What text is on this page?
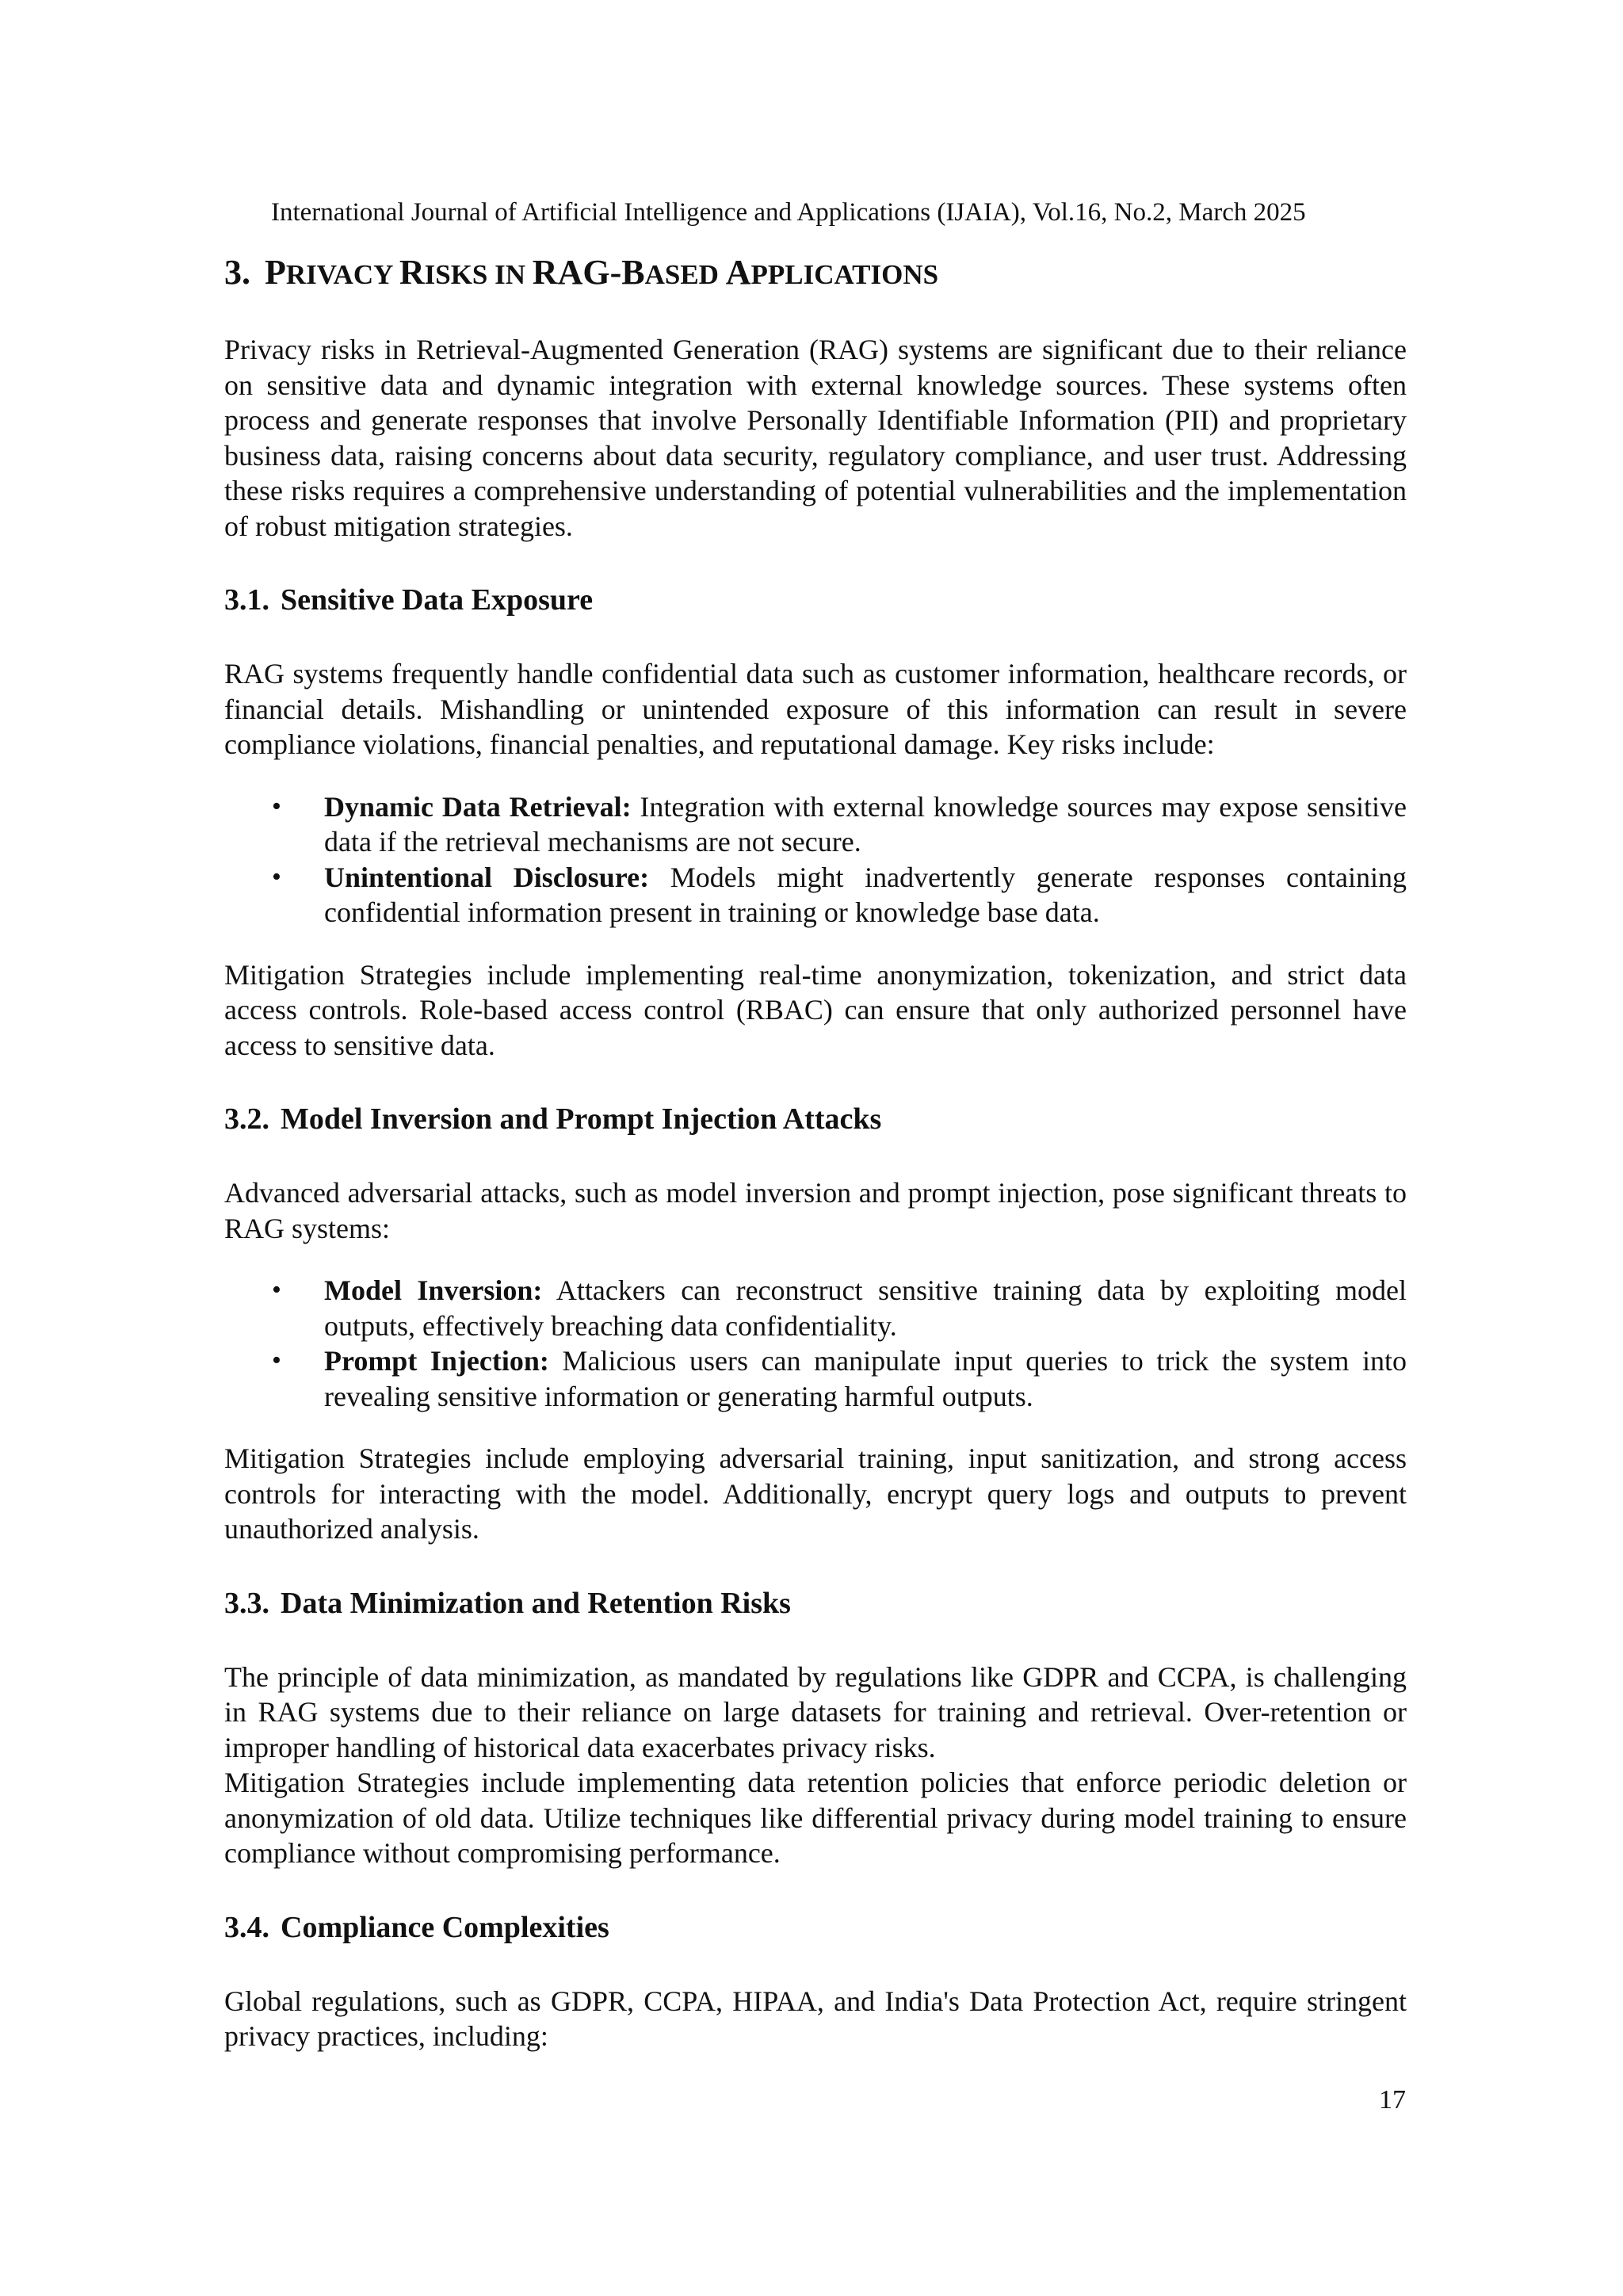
International Journal of Artificial Intelligence and Applications (IJAIA), Vol.16, No.2, March 2025
3. PRIVACY RISKS IN RAG-BASED APPLICATIONS

Privacy risks in Retrieval-Augmented Generation (RAG) systems are significant due to their reliance on sensitive data and dynamic integration with external knowledge sources. These systems often process and generate responses that involve Personally Identifiable Information (PII) and proprietary business data, raising concerns about data security, regulatory compliance, and user trust. Addressing these risks requires a comprehensive understanding of potential vulnerabilities and the implementation of robust mitigation strategies.

3.1. Sensitive Data Exposure

RAG systems frequently handle confidential data such as customer information, healthcare records, or financial details. Mishandling or unintended exposure of this information can result in severe compliance violations, financial penalties, and reputational damage. Key risks include:

• Dynamic Data Retrieval: Integration with external knowledge sources may expose sensitive data if the retrieval mechanisms are not secure.
• Unintentional Disclosure: Models might inadvertently generate responses containing confidential information present in training or knowledge base data.

Mitigation Strategies include implementing real-time anonymization, tokenization, and strict data access controls. Role-based access control (RBAC) can ensure that only authorized personnel have access to sensitive data.

3.2. Model Inversion and Prompt Injection Attacks

Advanced adversarial attacks, such as model inversion and prompt injection, pose significant threats to RAG systems:

• Model Inversion: Attackers can reconstruct sensitive training data by exploiting model outputs, effectively breaching data confidentiality.
• Prompt Injection: Malicious users can manipulate input queries to trick the system into revealing sensitive information or generating harmful outputs.

Mitigation Strategies include employing adversarial training, input sanitization, and strong access controls for interacting with the model. Additionally, encrypt query logs and outputs to prevent unauthorized analysis.

3.3. Data Minimization and Retention Risks

The principle of data minimization, as mandated by regulations like GDPR and CCPA, is challenging in RAG systems due to their reliance on large datasets for training and retrieval. Over-retention or improper handling of historical data exacerbates privacy risks.

Mitigation Strategies include implementing data retention policies that enforce periodic deletion or anonymization of old data. Utilize techniques like differential privacy during model training to ensure compliance without compromising performance.

3.4. Compliance Complexities

Global regulations, such as GDPR, CCPA, HIPAA, and India's Data Protection Act, require stringent privacy practices, including:

17
